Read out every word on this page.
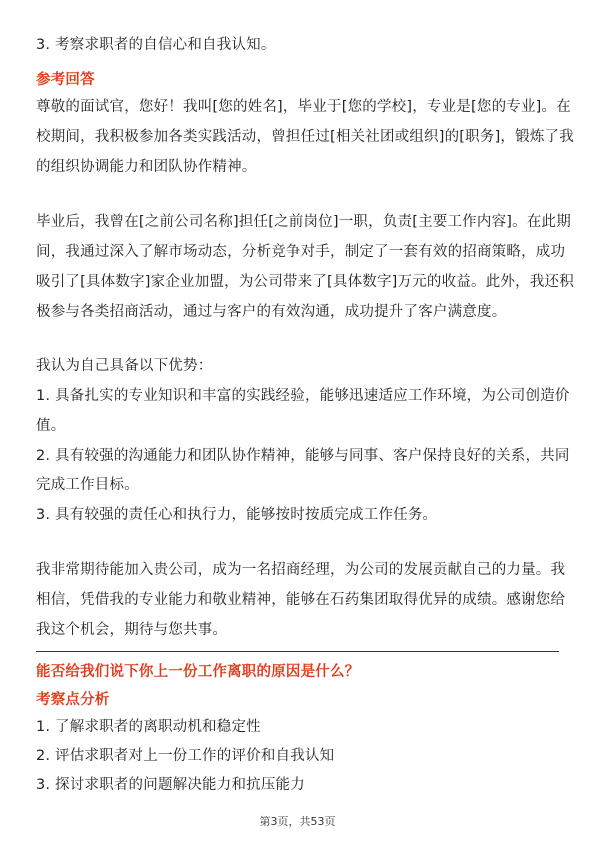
3. 考察求职者的自信心和自我认知。
参考回答
尊敬的面试官，您好！我叫[您的姓名]，毕业于[您的学校]，专业是[您的专业]。在
校期间，我积极参加各类实践活动，曾担任过[相关社团或组织]的[职务]，锻炼了我
的组织协调能力和团队协作精神。
毕业后，我曾在[之前公司名称]担任[之前岗位]一职，负责[主要工作内容]。在此期
间，我通过深入了解市场动态，分析竞争对手，制定了一套有效的招商策略，成功
吸引了[具体数字]家企业加盟，为公司带来了[具体数字]万元的收益。此外，我还积
极参与各类招商活动，通过与客户的有效沟通，成功提升了客户满意度。
我认为自己具备以下优势：
1. 具备扎实的专业知识和丰富的实践经验，能够迅速适应工作环境，为公司创造价
值。
2. 具有较强的沟通能力和团队协作精神，能够与同事、客户保持良好的关系，共同
完成工作目标。
3. 具有较强的责任心和执行力，能够按时按质完成工作任务。
我非常期待能加入贵公司，成为一名招商经理，为公司的发展贡献自己的力量。我
相信，凭借我的专业能力和敬业精神，能够在石药集团取得优异的成绩。感谢您给
我这个机会，期待与您共事。
能否给我们说下你上一份工作离职的原因是什么？
考察点分析
1. 了解求职者的离职动机和稳定性
2. 评估求职者对上一份工作的评价和自我认知
3. 探讨求职者的问题解决能力和抗压能力
第3页，共53页
